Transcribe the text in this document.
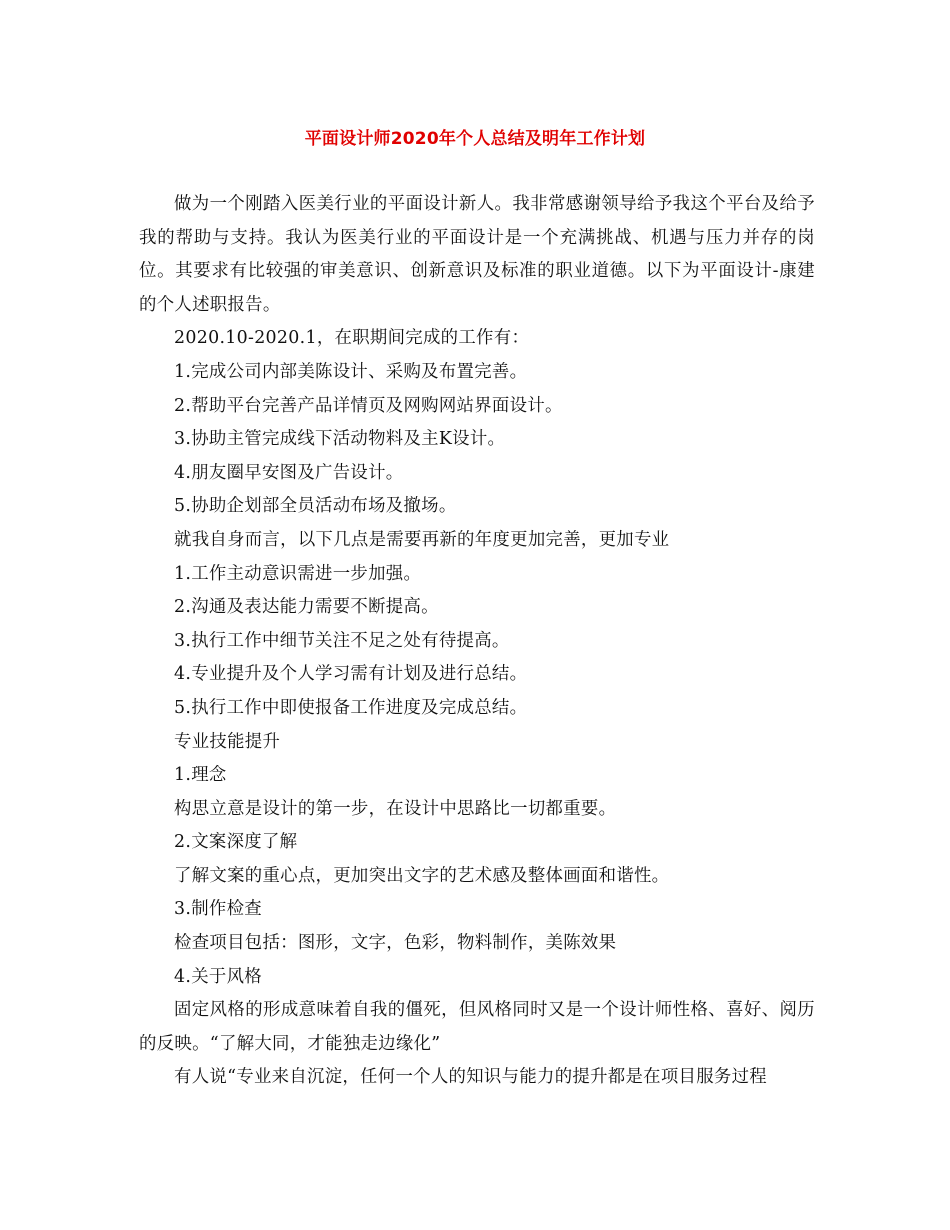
平面设计师2020年个人总结及明年工作计划

做为一个刚踏入医美行业的平面设计新人。我非常感谢领导给予我这个平台及给予我的帮助与支持。我认为医美行业的平面设计是一个充满挑战、机遇与压力并存的岗位。其要求有比较强的审美意识、创新意识及标准的职业道德。以下为平面设计-康建的个人述职报告。

2020.10-2020.1，在职期间完成的工作有：

1.完成公司内部美陈设计、采购及布置完善。

2.帮助平台完善产品详情页及网购网站界面设计。

3.协助主管完成线下活动物料及主K设计。

4.朋友圈早安图及广告设计。

5.协助企划部全员活动布场及撤场。

就我自身而言，以下几点是需要再新的年度更加完善，更加专业

1.工作主动意识需进一步加强。

2.沟通及表达能力需要不断提高。

3.执行工作中细节关注不足之处有待提高。

4.专业提升及个人学习需有计划及进行总结。

5.执行工作中即使报备工作进度及完成总结。

专业技能提升

1.理念

构思立意是设计的第一步，在设计中思路比一切都重要。

2.文案深度了解

了解文案的重心点，更加突出文字的艺术感及整体画面和谐性。

3.制作检查

检查项目包括：图形，文字，色彩，物料制作，美陈效果

4.关于风格

固定风格的形成意味着自我的僵死，但风格同时又是一个设计师性格、喜好、阅历的反映。“了解大同，才能独走边缘化”

有人说“专业来自沉淀，任何一个人的知识与能力的提升都是在项目服务过程
